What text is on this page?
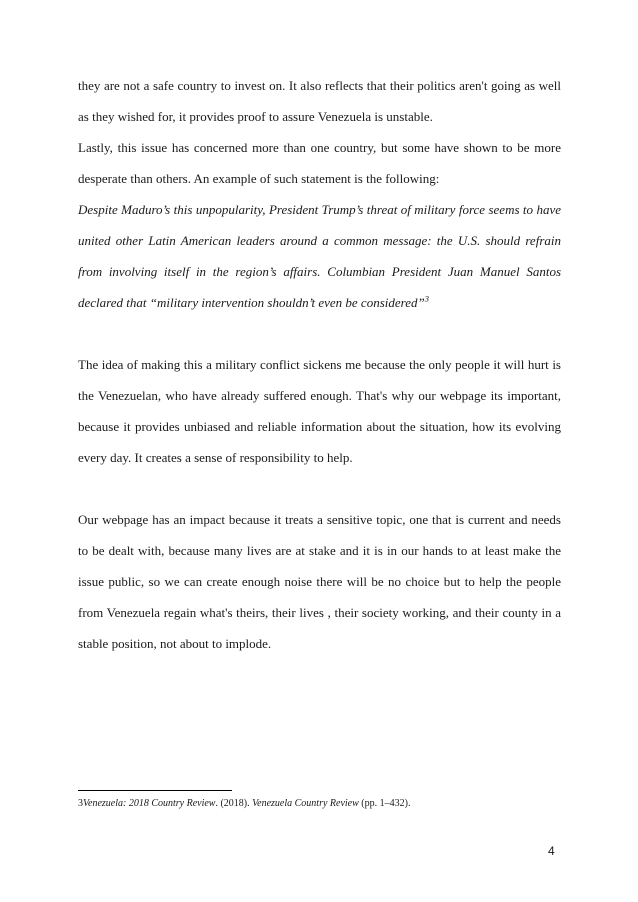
they are not a safe country to invest on. It also reflects that their politics aren't going as well as they wished for, it provides proof to assure Venezuela is unstable.
Lastly, this issue has concerned more than one country, but some have shown to be more desperate than others. An example of such statement is the following:
Despite Maduro’s this unpopularity, President Trump’s threat of military force seems to have united other Latin American leaders around a common message: the U.S. should refrain from involving itself in the region’s affairs. Columbian President Juan Manuel Santos declared that “military intervention shouldn’t even be considered”$^3$
The idea of making this a military conflict sickens me because the only people it will hurt is the Venezuelan, who have already suffered enough. That's why our webpage its important, because it provides unbiased and reliable information about the situation, how its evolving every day. It creates a sense of responsibility to help.
Our webpage has an impact because it treats a sensitive topic, one that is current and needs to be dealt with, because many lives are at stake and it is in our hands to at least make the issue public, so we can create enough noise there will be no choice but to help the people from Venezuela regain what's theirs, their lives , their society working, and their county in a stable position, not about to implode.
3Venezuela: 2018 Country Review. (2018). Venezuela Country Review (pp. 1–432).
4
